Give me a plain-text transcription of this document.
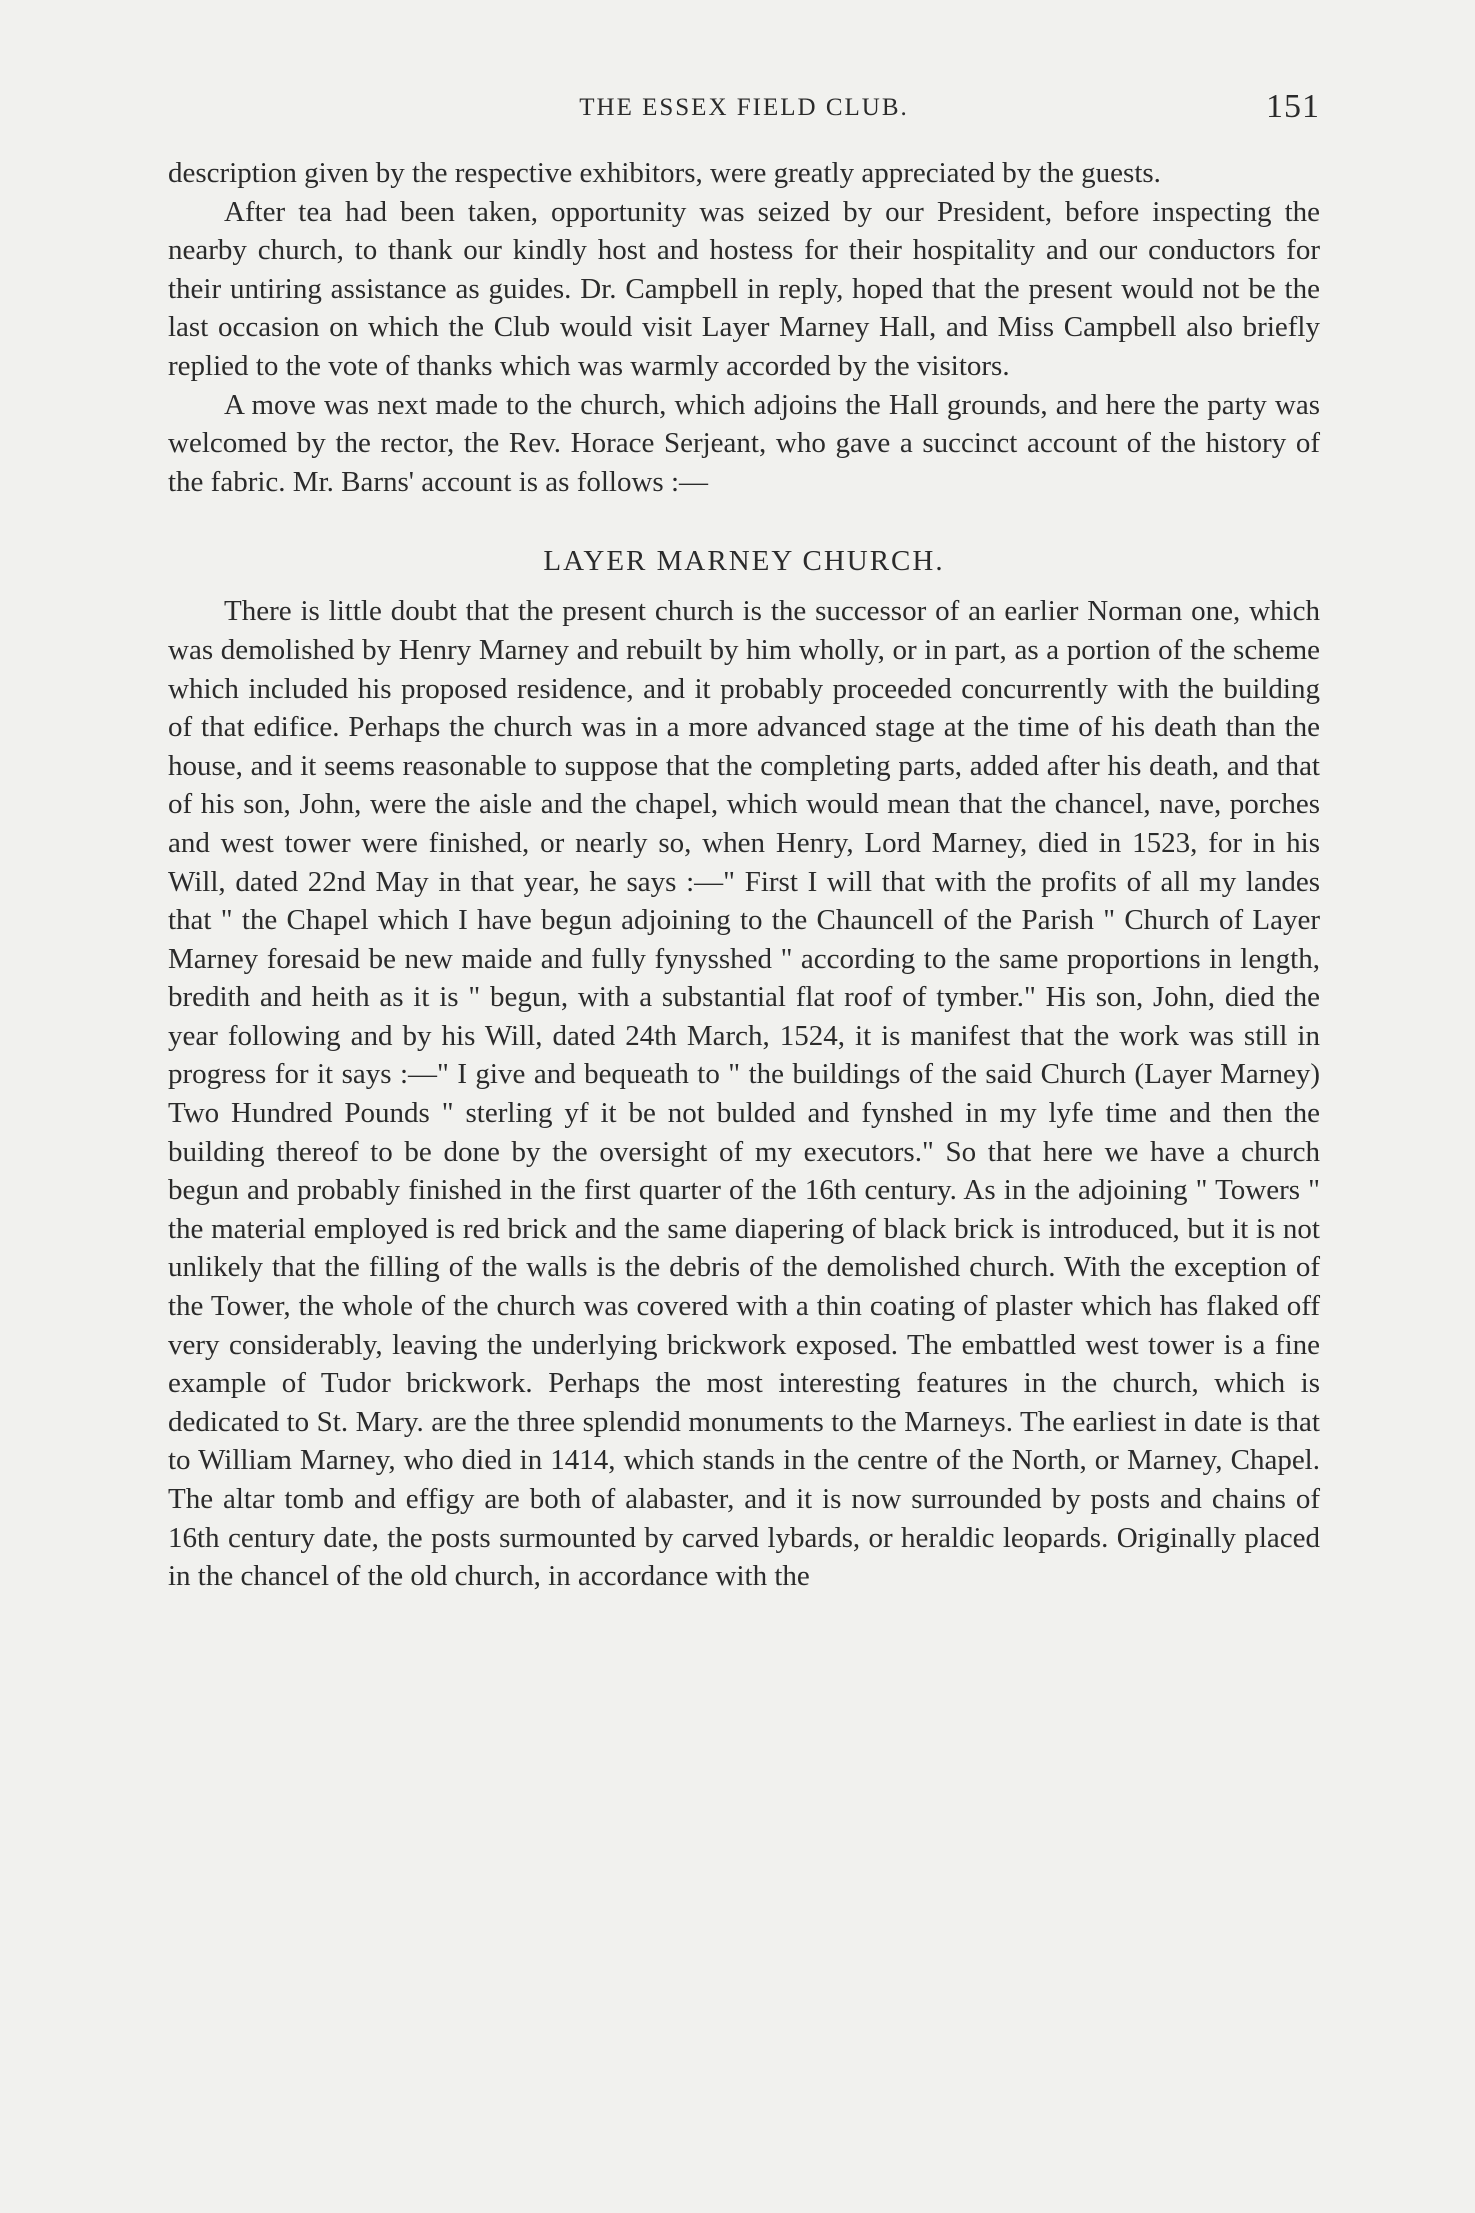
THE ESSEX FIELD CLUB.	151

description given by the respective exhibitors, were greatly appreciated by the guests.

After tea had been taken, opportunity was seized by our President, before inspecting the nearby church, to thank our kindly host and hostess for their hospitality and our conductors for their untiring assistance as guides. Dr. Campbell in reply, hoped that the present would not be the last occasion on which the Club would visit Layer Marney Hall, and Miss Campbell also briefly replied to the vote of thanks which was warmly accorded by the visitors.

A move was next made to the church, which adjoins the Hall grounds, and here the party was welcomed by the rector, the Rev. Horace Serjeant, who gave a succinct account of the history of the fabric. Mr. Barns' account is as follows :—

LAYER MARNEY CHURCH.

There is little doubt that the present church is the successor of an earlier Norman one, which was demolished by Henry Marney and rebuilt by him wholly, or in part, as a portion of the scheme which included his proposed residence, and it probably proceeded concurrently with the building of that edifice. Perhaps the church was in a more advanced stage at the time of his death than the house, and it seems reasonable to suppose that the completing parts, added after his death, and that of his son, John, were the aisle and the chapel, which would mean that the chancel, nave, porches and west tower were finished, or nearly so, when Henry, Lord Marney, died in 1523, for in his Will, dated 22nd May in that year, he says :—" First I will that with the profits of all my landes that " the Chapel which I have begun adjoining to the Chauncell of the Parish " Church of Layer Marney foresaid be new maide and fully fynysshed " according to the same proportions in length, bredith and heith as it is " begun, with a substantial flat roof of tymber." His son, John, died the year following and by his Will, dated 24th March, 1524, it is manifest that the work was still in progress for it says :—" I give and bequeath to " the buildings of the said Church (Layer Marney) Two Hundred Pounds " sterling yf it be not bulded and fynshed in my lyfe time and then the building thereof to be done by the oversight of my executors." So that here we have a church begun and probably finished in the first quarter of the 16th century. As in the adjoining " Towers " the material employed is red brick and the same diapering of black brick is introduced, but it is not unlikely that the filling of the walls is the debris of the demolished church. With the exception of the Tower, the whole of the church was covered with a thin coating of plaster which has flaked off very considerably, leaving the underlying brickwork exposed. The embattled west tower is a fine example of Tudor brickwork. Perhaps the most interesting features in the church, which is dedicated to St. Mary. are the three splendid monuments to the Marneys. The earliest in date is that to William Marney, who died in 1414, which stands in the centre of the North, or Marney, Chapel. The altar tomb and effigy are both of alabaster, and it is now surrounded by posts and chains of 16th century date, the posts surmounted by carved lybards, or heraldic leopards. Originally placed in the chancel of the old church, in accordance with the
